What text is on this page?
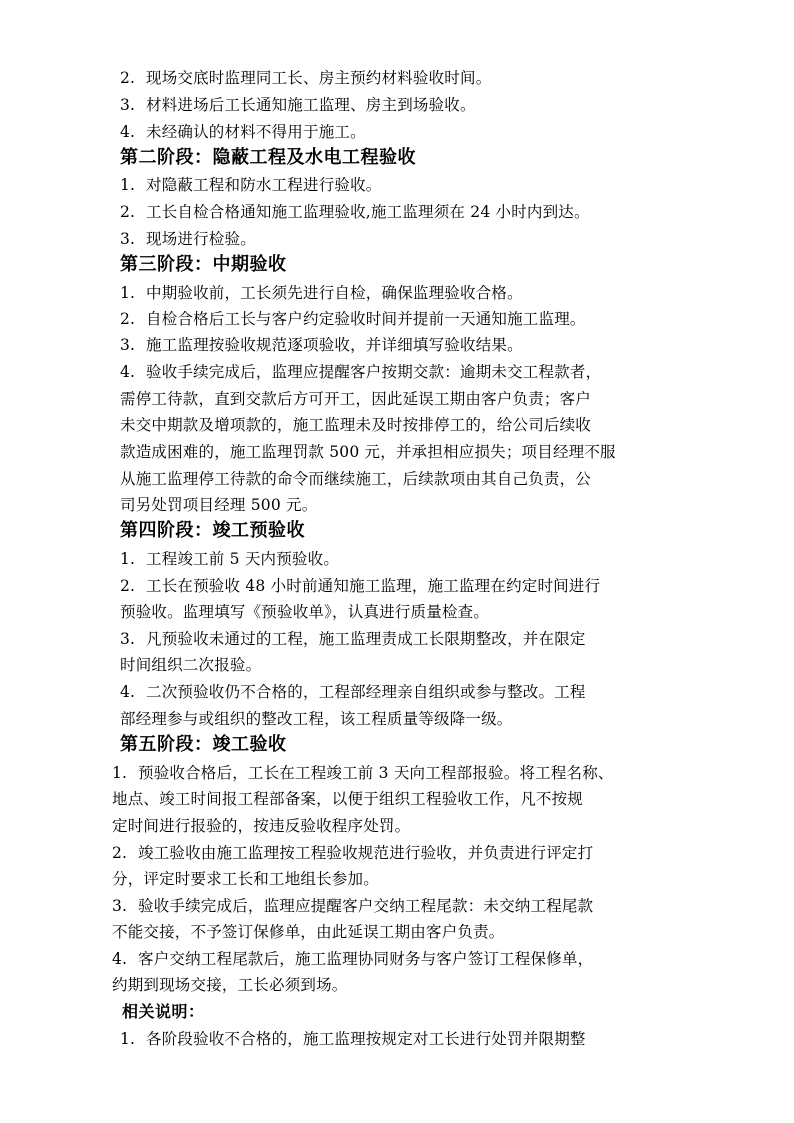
2. 现场交底时监理同工长、房主预约材料验收时间。
3. 材料进场后工长通知施工监理、房主到场验收。
4. 未经确认的材料不得用于施工。
第二阶段：隐蔽工程及水电工程验收
1. 对隐蔽工程和防水工程进行验收。
2. 工长自检合格通知施工监理验收,施工监理须在 24 小时内到达。
3. 现场进行检验。
第三阶段：中期验收
1. 中期验收前，工长须先进行自检，确保监理验收合格。
2. 自检合格后工长与客户约定验收时间并提前一天通知施工监理。
3. 施工监理按验收规范逐项验收，并详细填写验收结果。
4. 验收手续完成后，监理应提醒客户按期交款：逾期未交工程款者，
需停工待款，直到交款后方可开工，因此延误工期由客户负责；客户
未交中期款及增项款的，施工监理未及时按排停工的，给公司后续收
款造成困难的，施工监理罚款 500 元，并承担相应损失；项目经理不服
从施工监理停工待款的命令而继续施工，后续款项由其自己负责，公
司另处罚项目经理 500 元。
第四阶段：竣工预验收
1. 工程竣工前 5 天内预验收。
2. 工长在预验收 48 小时前通知施工监理，施工监理在约定时间进行
预验收。监理填写《预验收单》，认真进行质量检查。
3. 凡预验收未通过的工程，施工监理责成工长限期整改，并在限定
时间组织二次报验。
4. 二次预验收仍不合格的，工程部经理亲自组织或参与整改。工程
部经理参与或组织的整改工程，该工程质量等级降一级。
第五阶段：竣工验收
1. 预验收合格后，工长在工程竣工前 3 天向工程部报验。将工程名称、
地点、竣工时间报工程部备案，以便于组织工程验收工作，凡不按规
定时间进行报验的，按违反验收程序处罚。
2. 竣工验收由施工监理按工程验收规范进行验收，并负责进行评定打
分，评定时要求工长和工地组长参加。
3. 验收手续完成后，监理应提醒客户交纳工程尾款：未交纳工程尾款
不能交接，不予签订保修单，由此延误工期由客户负责。
4. 客户交纳工程尾款后，施工监理协同财务与客户签订工程保修单，
约期到现场交接，工长必须到场。
相关说明：
1. 各阶段验收不合格的，施工监理按规定对工长进行处罚并限期整
